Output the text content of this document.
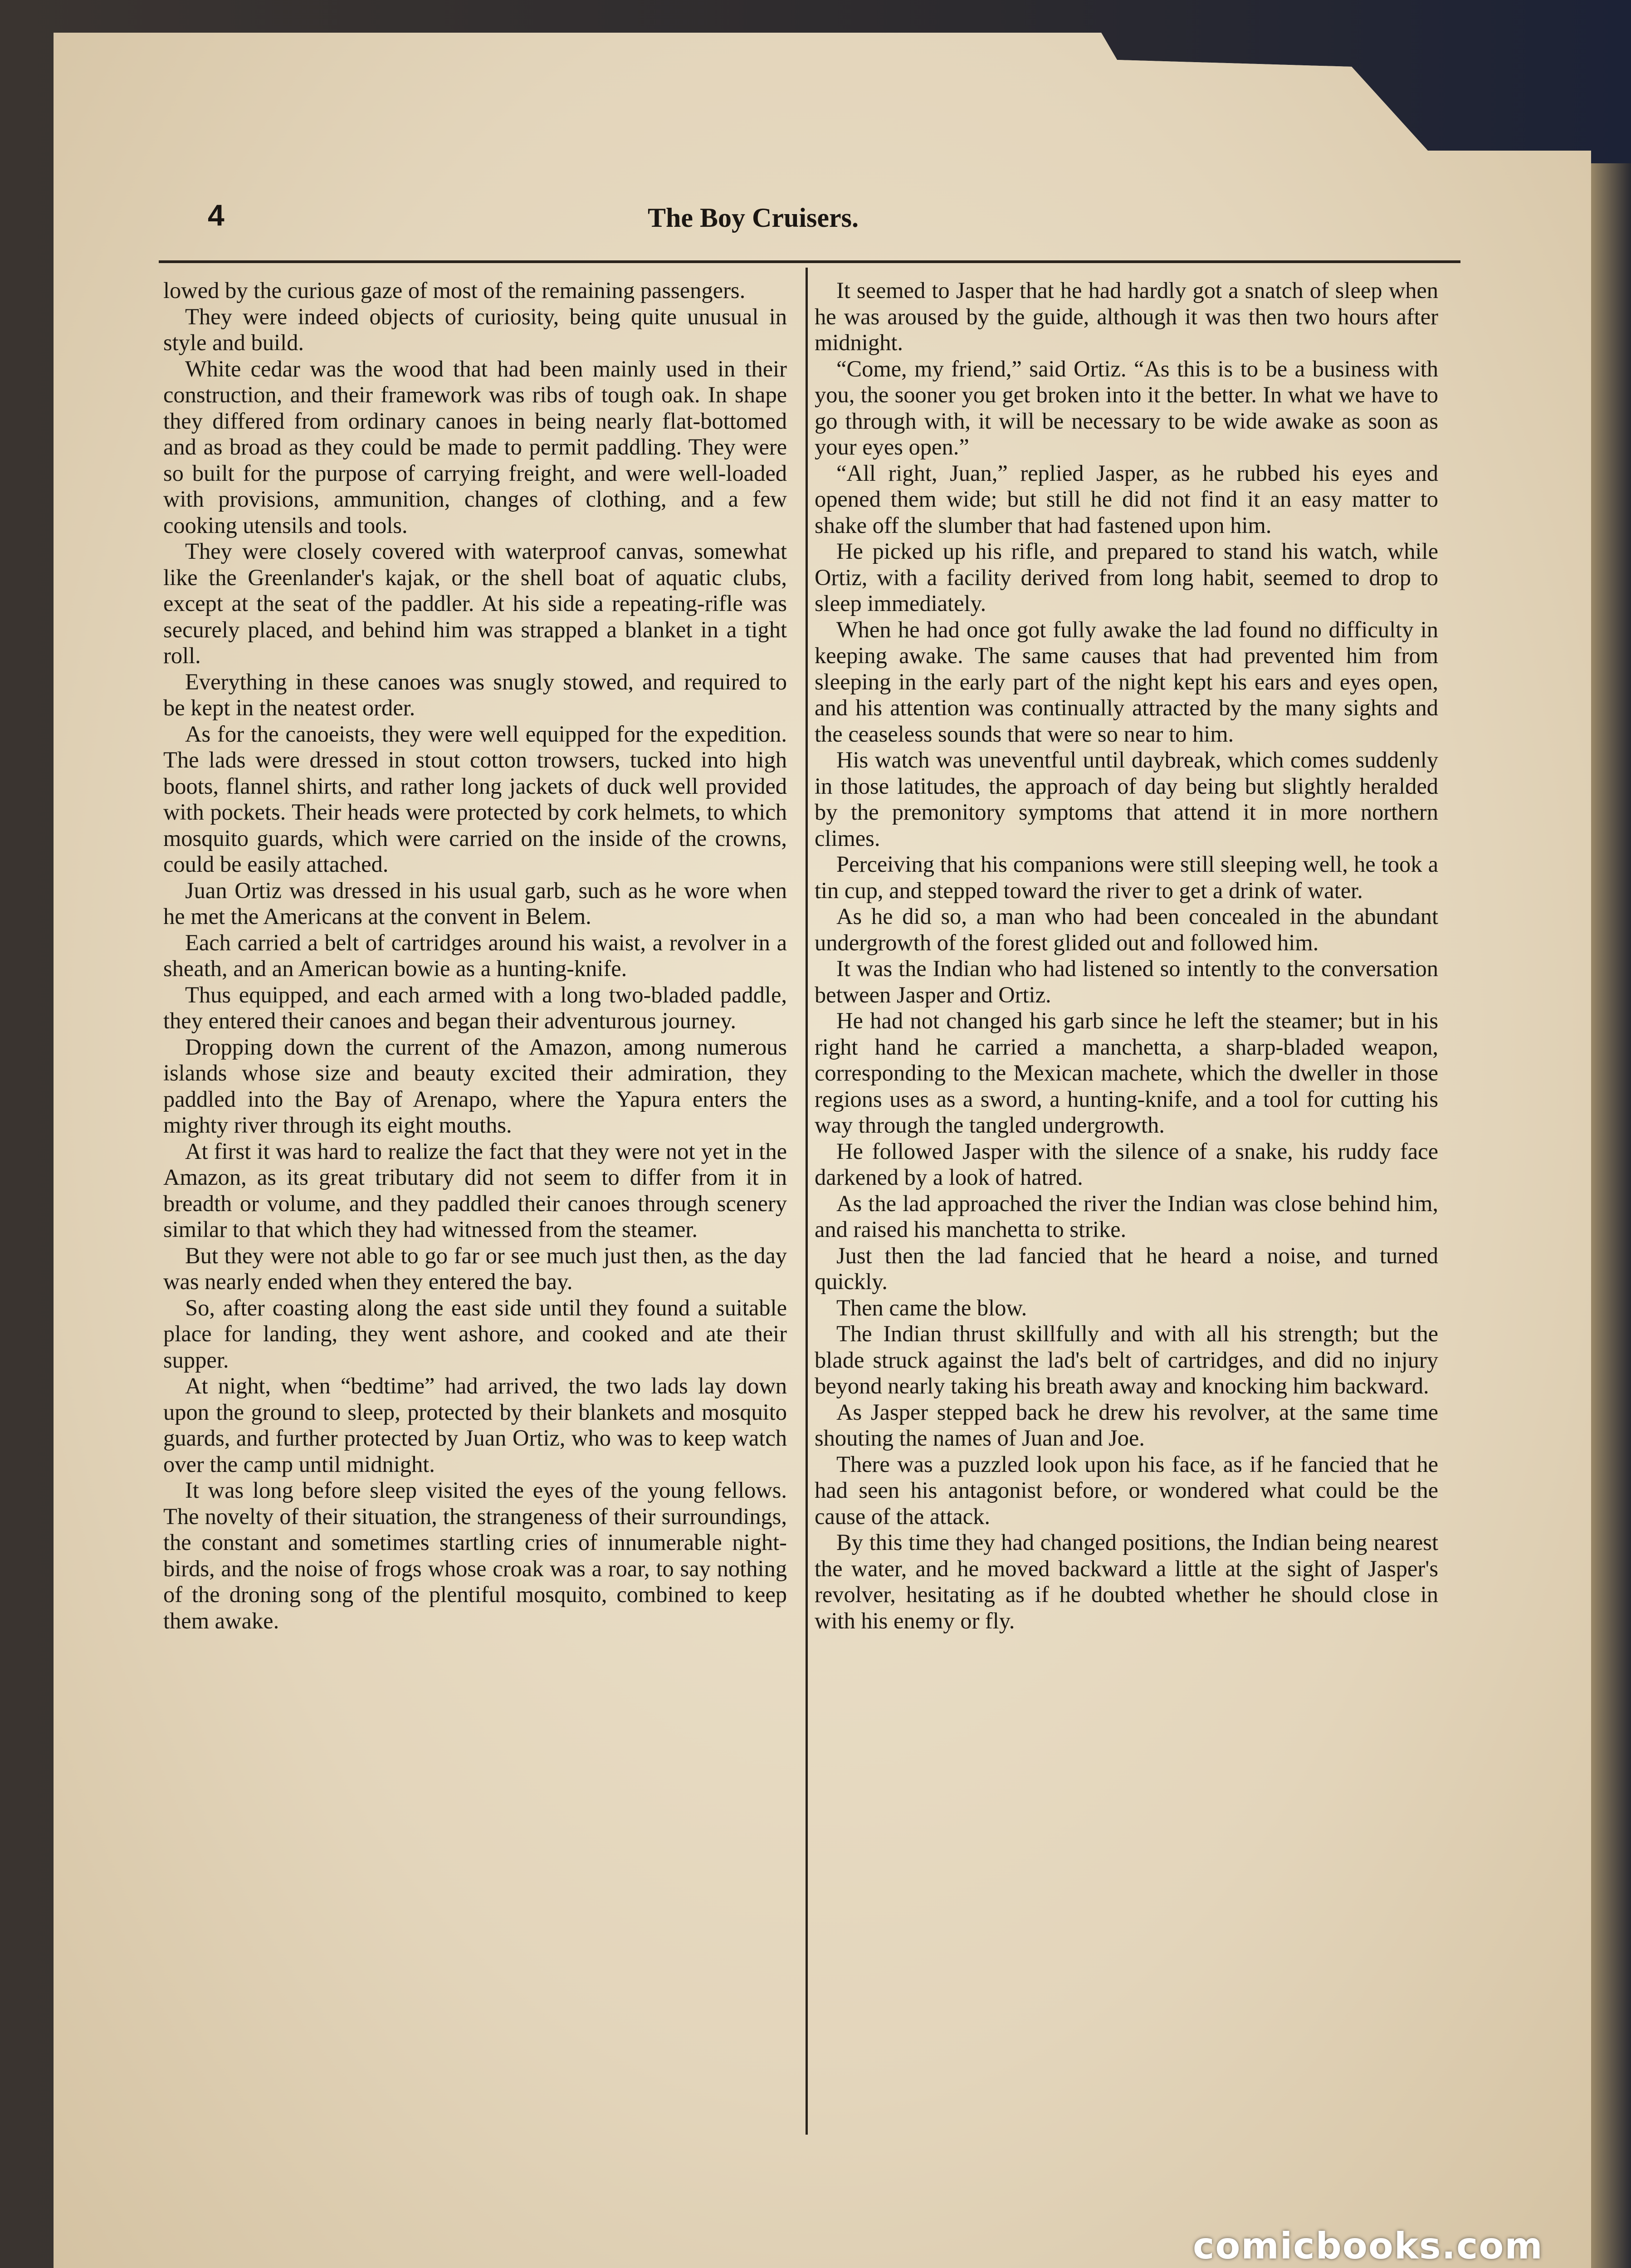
4	The Boy Cruisers.

lowed by the curious gaze of most of the remaining passengers.

They were indeed objects of curiosity, being quite unusual in style and build.

White cedar was the wood that had been mainly used in their construction, and their framework was ribs of tough oak. In shape they differed from ordinary canoes in being nearly flat-bottomed and as broad as they could be made to permit paddling. They were so built for the purpose of carrying freight, and were well-loaded with provisions, ammunition, changes of clothing, and a few cooking utensils and tools.

They were closely covered with waterproof canvas, somewhat like the Greenlander's kajak, or the shell boat of aquatic clubs, except at the seat of the paddler. At his side a repeating-rifle was securely placed, and behind him was strapped a blanket in a tight roll.

Everything in these canoes was snugly stowed, and required to be kept in the neatest order.

As for the canoeists, they were well equipped for the expedition. The lads were dressed in stout cotton trowsers, tucked into high boots, flannel shirts, and rather long jackets of duck well provided with pockets. Their heads were protected by cork helmets, to which mosquito guards, which were carried on the inside of the crowns, could be easily attached.

Juan Ortiz was dressed in his usual garb, such as he wore when he met the Americans at the convent in Belem.

Each carried a belt of cartridges around his waist, a revolver in a sheath, and an American bowie as a hunting-knife.

Thus equipped, and each armed with a long two-bladed paddle, they entered their canoes and began their adventurous journey.

Dropping down the current of the Amazon, among numerous islands whose size and beauty excited their admiration, they paddled into the Bay of Arenapo, where the Yapura enters the mighty river through its eight mouths.

At first it was hard to realize the fact that they were not yet in the Amazon, as its great tributary did not seem to differ from it in breadth or volume, and they paddled their canoes through scenery similar to that which they had witnessed from the steamer.

But they were not able to go far or see much just then, as the day was nearly ended when they entered the bay.

So, after coasting along the east side until they found a suitable place for landing, they went ashore, and cooked and ate their supper.

At night, when “bedtime” had arrived, the two lads lay down upon the ground to sleep, protected by their blankets and mosquito guards, and further protected by Juan Ortiz, who was to keep watch over the camp until midnight.

It was long before sleep visited the eyes of the young fellows. The novelty of their situation, the strangeness of their surroundings, the constant and sometimes startling cries of innumerable night-birds, and the noise of frogs whose croak was a roar, to say nothing of the droning song of the plentiful mosquito, combined to keep them awake.

It seemed to Jasper that he had hardly got a snatch of sleep when he was aroused by the guide, although it was then two hours after midnight.

“Come, my friend,” said Ortiz. “As this is to be a business with you, the sooner you get broken into it the better. In what we have to go through with, it will be necessary to be wide awake as soon as your eyes open.”

“All right, Juan,” replied Jasper, as he rubbed his eyes and opened them wide; but still he did not find it an easy matter to shake off the slumber that had fastened upon him.

He picked up his rifle, and prepared to stand his watch, while Ortiz, with a facility derived from long habit, seemed to drop to sleep immediately.

When he had once got fully awake the lad found no difficulty in keeping awake. The same causes that had prevented him from sleeping in the early part of the night kept his ears and eyes open, and his attention was continually attracted by the many sights and the ceaseless sounds that were so near to him.

His watch was uneventful until daybreak, which comes suddenly in those latitudes, the approach of day being but slightly heralded by the premonitory symptoms that attend it in more northern climes.

Perceiving that his companions were still sleeping well, he took a tin cup, and stepped toward the river to get a drink of water.

As he did so, a man who had been concealed in the abundant undergrowth of the forest glided out and followed him.

It was the Indian who had listened so intently to the conversation between Jasper and Ortiz.

He had not changed his garb since he left the steamer; but in his right hand he carried a manchetta, a sharp-bladed weapon, corresponding to the Mexican machete, which the dweller in those regions uses as a sword, a hunting-knife, and a tool for cutting his way through the tangled undergrowth.

He followed Jasper with the silence of a snake, his ruddy face darkened by a look of hatred.

As the lad approached the river the Indian was close behind him, and raised his manchetta to strike.

Just then the lad fancied that he heard a noise, and turned quickly.

Then came the blow.

The Indian thrust skillfully and with all his strength; but the blade struck against the lad's belt of cartridges, and did no injury beyond nearly taking his breath away and knocking him backward.

As Jasper stepped back he drew his revolver, at the same time shouting the names of Juan and Joe.

There was a puzzled look upon his face, as if he fancied that he had seen his antagonist before, or wondered what could be the cause of the attack.

By this time they had changed positions, the Indian being nearest the water, and he moved backward a little at the sight of Jasper's revolver, hesitating as if he doubted whether he should close in with his enemy or fly.

comicbooks.com
